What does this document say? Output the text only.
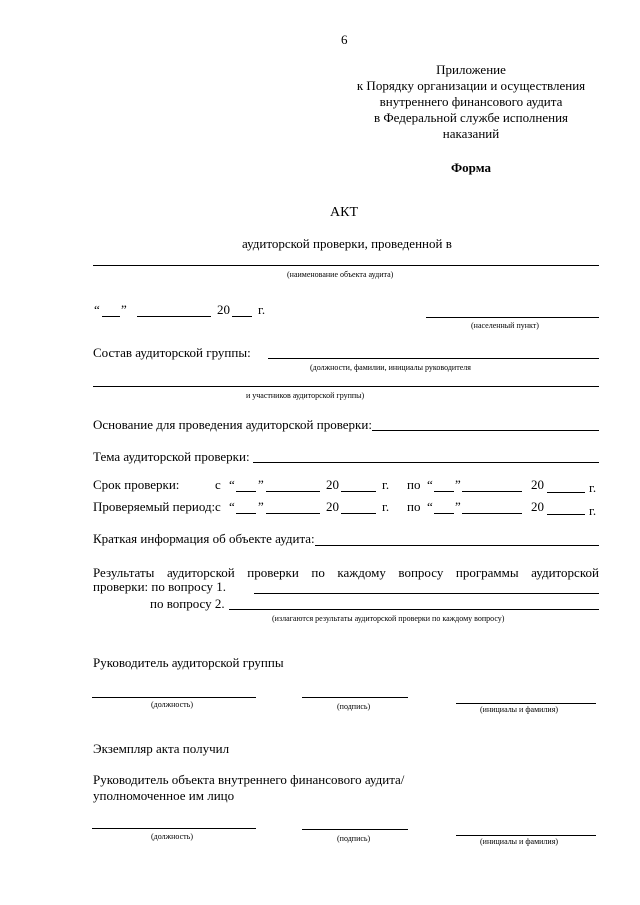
6
Приложение
к Порядку организации и осуществления
внутреннего финансового аудита
в Федеральной службе исполнения
наказаний
Форма
АКТ
аудиторской проверки, проведенной в
(наименование объекта аудита)
“ ”	20 г.
(населенный пункт)
Состав аудиторской группы:
(должности, фамилии, инициалы руководителя
и участников аудиторской группы)
Основание для проведения аудиторской проверки:
Тема аудиторской проверки:
Срок проверки:	с “ ”	20	г. по “ ”	20	г.
Проверяемый период: с “ ”	20	г. по “ ”	20	г.
Краткая информация об объекте аудита:
Результаты аудиторской проверки по каждому вопросу программы аудиторской
проверки: по вопросу 1.
по вопросу 2.
(излагаются результаты аудиторской проверки по каждому вопросу)
Руководитель аудиторской группы
(должность)	(подпись)	(инициалы и фамилия)
Экземпляр акта получил
Руководитель объекта внутреннего финансового аудита/
уполномоченное им лицо
(должность)	(подпись)	(инициалы и фамилия)
